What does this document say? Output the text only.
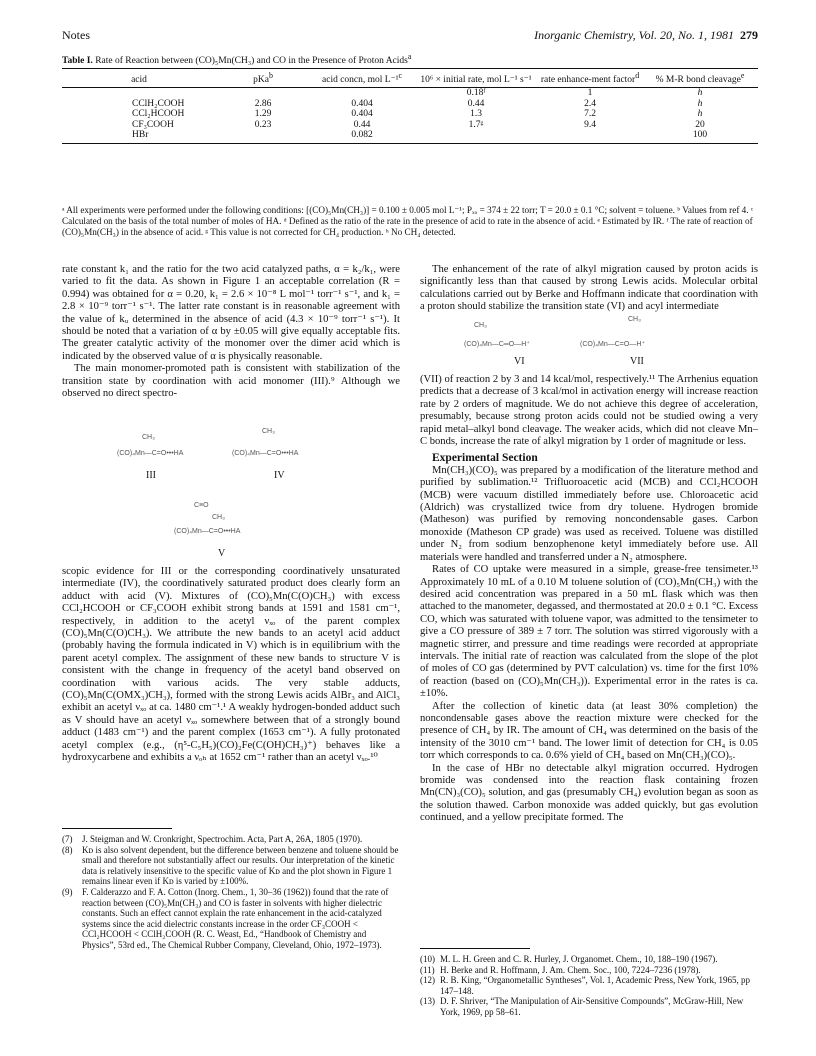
Notes	Inorganic Chemistry, Vol. 20, No. 1, 1981 279
Table I. Rate of Reaction between (CO)₅Mn(CH₃) and CO in the Presence of Proton Acids$^a$
acid	pKa$^b$	acid concn, mol L⁻¹$^c$	10⁶ × initial rate, mol L⁻¹ s⁻¹	rate enhance-ment factor$^d$	% M-R bond cleavage$^e$
			0.18ᶠ	1	h
CClH₂COOH	2.86	0.404	0.44	2.4	h
CCl₂HCOOH	1.29	0.404	1.3	7.2	h
CF₃COOH	0.23	0.44	1.7ᵍ	9.4	20
HBr		0.082			100
ᵃ All experiments were performed under the following conditions: [(CO)₅Mn(CH₃)] = 0.100 ± 0.005 mol L⁻¹; Pₓₒ = 374 ± 22 torr; T = 20.0 ± 0.1 °C; solvent = toluene. ᵇ Values from ref 4. ᶜ Calculated on the basis of the total number of moles of HA. ᵈ Defined as the ratio of the rate in the presence of acid to rate in the absence of acid. ᵉ Estimated by IR. ᶠ The rate of reaction of (CO)₅Mn(CH₃) in the absence of acid. ᵍ This value is not corrected for CH₄ production. ʰ No CH₄ detected.

rate constant k₁ and the ratio for the two acid catalyzed paths, α = k₂/k₁, were varied to fit the data. As shown in Figure 1 an acceptable correlation (R = 0.994) was obtained for α = 0.20, k₁ = 2.6 × 10⁻⁸ L mol⁻¹ torr⁻¹ s⁻¹, and k₁ = 2.8 × 10⁻⁹ torr⁻¹ s⁻¹. The latter rate constant is in reasonable agreement with the value of kᵤ determined in the absence of acid (4.3 × 10⁻⁹ torr⁻¹ s⁻¹). It should be noted that a variation of α by ±0.05 will give equally acceptable fits. The greater catalytic activity of the monomer over the dimer acid which is indicated by the observed value of α is physically reasonable.

The main monomer-promoted path is consistent with stabilization of the transition state by coordination with acid monomer (III).⁹ Although we observed no direct spectro-

CH₃
(CO)₄Mn—C=O•••HA
CH₃
(CO)₄Mn—C=O•••HA
III	IV
C≡O
CH₃
(CO)₄Mn—C=O•••HA
V

scopic evidence for III or the corresponding coordinatively unsaturated intermediate (IV), the coordinatively saturated product does clearly form an adduct with acid (V). Mixtures of (CO)₅Mn(C(O)CH₃) with excess CCl₂HCOOH or CF₃COOH exhibit strong bands at 1591 and 1581 cm⁻¹, respectively, in addition to the acetyl νₓₒ of the parent complex (CO)₅Mn(C(O)CH₃). We attribute the new bands to an acetyl acid adduct (probably having the formula indicated in V) which is in equilibrium with the parent acetyl complex. The assignment of these new bands to structure V is consistent with the change in frequency of the acetyl band observed on coordination with various acids. The very stable adducts, (CO)₅Mn(C(OMX₃)CH₃), formed with the strong Lewis acids AlBr₃ and AlCl₃ exhibit an acetyl νₓₒ at ca. 1480 cm⁻¹.¹ A weakly hydrogen-bonded adduct such as V should have an acetyl νₓₒ somewhere between that of a strongly bound adduct (1483 cm⁻¹) and the parent complex (1653 cm⁻¹). A fully protonated acetyl complex (e.g., (η⁵-C₅H₅)(CO)₂Fe(C(OH)CH₃)⁺) behaves like a hydroxycarbene and exhibits a νₒₕ at 1652 cm⁻¹ rather than an acetyl νₓₒ.¹⁰

(7)	J. Steigman and W. Cronkright, Spectrochim. Acta, Part A, 26A, 1805 (1970).
(8)	Kᴅ is also solvent dependent, but the difference between benzene and toluene should be small and therefore not substantially affect our results. Our interpretation of the kinetic data is relatively insensitive to the specific value of Kᴅ and the plot shown in Figure 1 remains linear even if Kᴅ is varied by ±100%.
(9)	F. Calderazzo and F. A. Cotton (Inorg. Chem., 1, 30–36 (1962)) found that the rate of reaction between (CO)₅Mn(CH₃) and CO is faster in solvents with higher dielectric constants. Such an effect cannot explain the rate enhancement in the acid-catalyzed systems since the acid dielectric constants increase in the order CF₃COOH < CCl₂HCOOH < CClH₂COOH (R. C. Weast, Ed., “Handbook of Chemistry and Physics”, 53rd ed., The Chemical Rubber Company, Cleveland, Ohio, 1972–1973).

The enhancement of the rate of alkyl migration caused by proton acids is significantly less than that caused by strong Lewis acids. Molecular orbital calculations carried out by Berke and Hoffmann indicate that coordination with a proton should stabilize the transition state (VI) and acyl intermediate

CH₃
(CO)₄Mn—C═O—H⁺
CH₃
(CO)₄Mn—C=O—H⁺
VI	VII

(VII) of reaction 2 by 3 and 14 kcal/mol, respectively.¹¹ The Arrhenius equation predicts that a decrease of 3 kcal/mol in activation energy will increase reaction rate by 2 orders of magnitude. We do not achieve this degree of acceleration, presumably, because strong proton acids could not be studied owing a very rapid metal–alkyl bond cleavage. The weaker acids, which did not cleave Mn–C bonds, increase the rate of alkyl migration by 1 order of magnitude or less.

Experimental Section

Mn(CH₃)(CO)₅ was prepared by a modification of the literature method and purified by sublimation.¹² Trifluoroacetic acid (MCB) and CCl₂HCOOH (MCB) were vacuum distilled immediately before use. Chloroacetic acid (Aldrich) was crystallized twice from dry toluene. Hydrogen bromide (Matheson) was purified by removing noncondensable gases. Carbon monoxide (Matheson CP grade) was used as received. Toluene was distilled under N₂ from sodium benzophenone ketyl immediately before use. All materials were handled and transferred under a N₂ atmosphere.

Rates of CO uptake were measured in a simple, grease-free tensimeter.¹³ Approximately 10 mL of a 0.10 M toluene solution of (CO)₅Mn(CH₃) with the desired acid concentration was prepared in a 50 mL flask which was then attached to the manometer, degassed, and thermostated at 20.0 ± 0.1 °C. Excess CO, which was saturated with toluene vapor, was admitted to the tensimeter to give a CO pressure of 389 ± 7 torr. The solution was stirred vigorously with a magnetic stirrer, and pressure and time readings were recorded at appropriate intervals. The initial rate of reaction was calculated from the slope of the plot of moles of CO gas (determined by PVT calculation) vs. time for the first 10% of reaction (based on (CO)₅Mn(CH₃)). Experimental error in the rates is ca. ±10%.

After the collection of kinetic data (at least 30% completion) the noncondensable gases above the reaction mixture were checked for the presence of CH₄ by IR. The amount of CH₄ was determined on the basis of the intensity of the 3010 cm⁻¹ band. The lower limit of detection for CH₄ is 0.05 torr which corresponds to ca. 0.6% yield of CH₄ based on Mn(CH₃)(CO)₅.

In the case of HBr no detectable alkyl migration occurred. Hydrogen bromide was condensed into the reaction flask containing frozen Mn(CN)₃(CO)₅ solution, and gas (presumably CH₄) evolution began as soon as the solution thawed. Carbon monoxide was added quickly, but gas evolution continued, and a yellow precipitate formed. The

(10) M. L. H. Green and C. R. Hurley, J. Organomet. Chem., 10, 188–190 (1967).
(11) H. Berke and R. Hoffmann, J. Am. Chem. Soc., 100, 7224–7236 (1978).
(12) R. B. King, “Organometallic Syntheses”, Vol. 1, Academic Press, New York, 1965, pp 147–148.
(13) D. F. Shriver, “The Manipulation of Air-Sensitive Compounds”, McGraw-Hill, New York, 1969, pp 58–61.
